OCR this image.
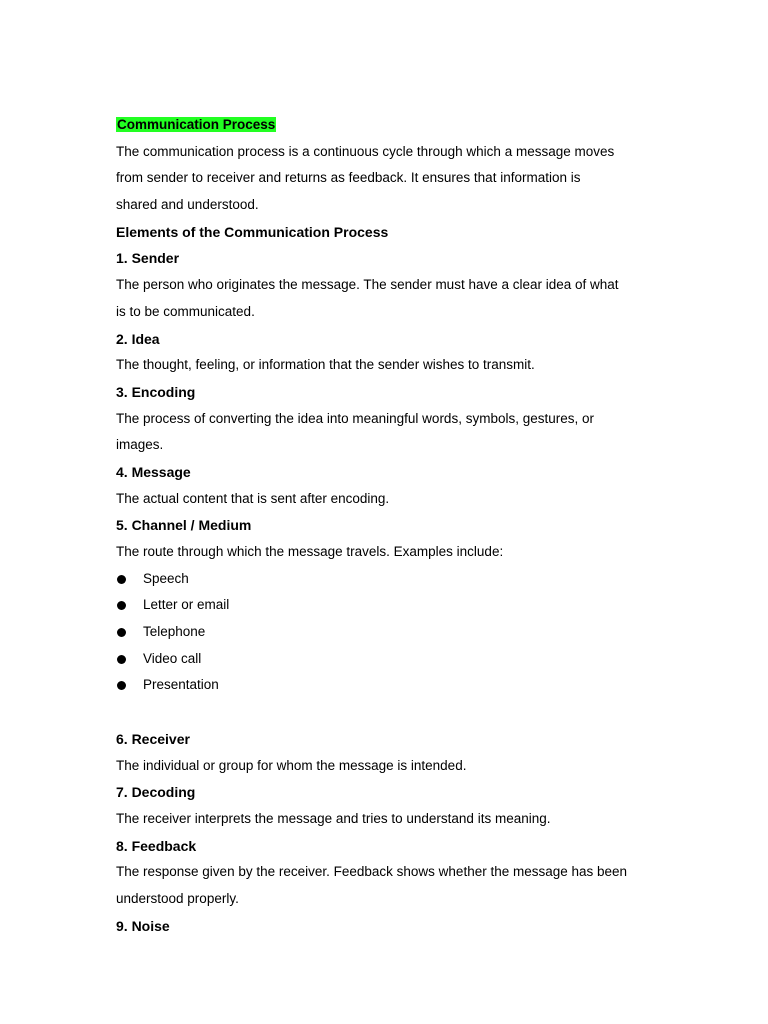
Communication Process
The communication process is a continuous cycle through which a message moves
from sender to receiver and returns as feedback. It ensures that information is
shared and understood.
Elements of the Communication Process
1. Sender
The person who originates the message. The sender must have a clear idea of what
is to be communicated.
2. Idea
The thought, feeling, or information that the sender wishes to transmit.
3. Encoding
The process of converting the idea into meaningful words, symbols, gestures, or
images.
4. Message
The actual content that is sent after encoding.
5. Channel / Medium
The route through which the message travels. Examples include:
Speech
Letter or email
Telephone
Video call
Presentation
6. Receiver
The individual or group for whom the message is intended.
7. Decoding
The receiver interprets the message and tries to understand its meaning.
8. Feedback
The response given by the receiver. Feedback shows whether the message has been
understood properly.
9. Noise
